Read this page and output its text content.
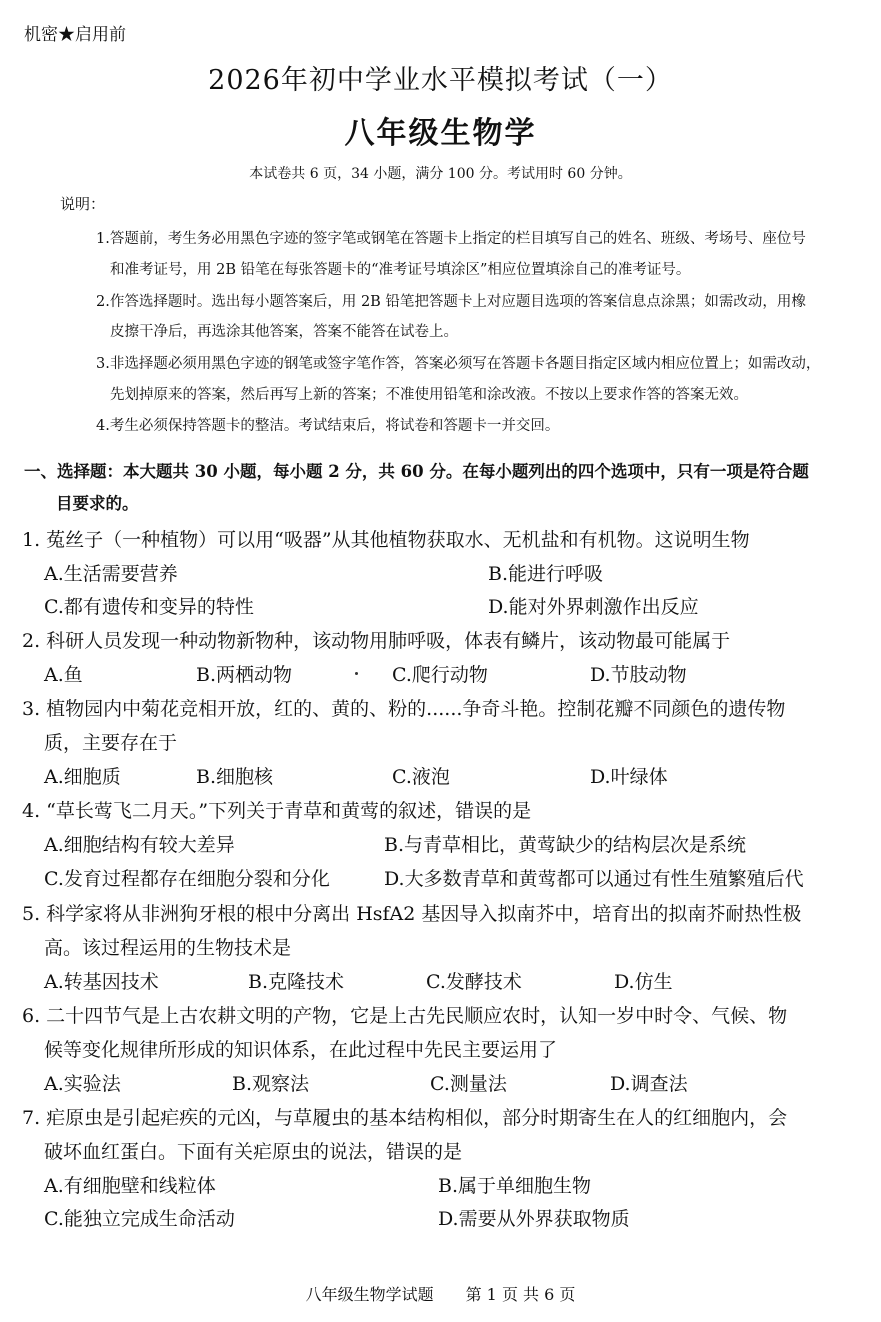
机密★启用前
2026年初中学业水平模拟考试（一）
八年级生物学
本试卷共 6 页，34 小题，满分 100 分。考试用时 60 分钟。
说明：
1.答题前，考生务必用黑色字迹的签字笔或钢笔在答题卡上指定的栏目填写自己的姓名、班级、考场号、座位号
和准考证号，用 2B 铅笔在每张答题卡的“准考证号填涂区”相应位置填涂自己的准考证号。
2.作答选择题时。选出每小题答案后，用 2B 铅笔把答题卡上对应题目选项的答案信息点涂黑；如需改动，用橡
皮擦干净后，再选涂其他答案，答案不能答在试卷上。
3.非选择题必须用黑色字迹的钢笔或签字笔作答，答案必须写在答题卡各题目指定区域内相应位置上；如需改动，
先划掉原来的答案，然后再写上新的答案；不准使用铅笔和涂改液。不按以上要求作答的答案无效。
4.考生必须保持答题卡的整洁。考试结束后，将试卷和答题卡一并交回。
一、选择题：本大题共 30 小题，每小题 2 分，共 60 分。在每小题列出的四个选项中，只有一项是符合题
目要求的。
1. 菟丝子（一种植物）可以用“吸器”从其他植物获取水、无机盐和有机物。这说明生物
A.生活需要营养	B.能进行呼吸
C.都有遗传和变异的特性	D.能对外界刺激作出反应
2. 科研人员发现一种动物新物种，该动物用肺呼吸，体表有鳞片，该动物最可能属于
A.鱼	B.两栖动物	C.爬行动物	D.节肢动物
3. 植物园内中菊花竞相开放，红的、黄的、粉的......争奇斗艳。控制花瓣不同颜色的遗传物
质，主要存在于
A.细胞质	B.细胞核	C.液泡	D.叶绿体
4. “草长莺飞二月天。”下列关于青草和黄莺的叙述，错误的是
A.细胞结构有较大差异	B.与青草相比，黄莺缺少的结构层次是系统
C.发育过程都存在细胞分裂和分化	D.大多数青草和黄莺都可以通过有性生殖繁殖后代
5. 科学家将从非洲狗牙根的根中分离出 HsfA2 基因导入拟南芥中，培育出的拟南芥耐热性极
高。该过程运用的生物技术是
A.转基因技术	B.克隆技术	C.发酵技术	D.仿生
6. 二十四节气是上古农耕文明的产物，它是上古先民顺应农时，认知一岁中时令、气候、物
候等变化规律所形成的知识体系，在此过程中先民主要运用了
A.实验法	B.观察法	C.测量法	D.调查法
7. 疟原虫是引起疟疾的元凶，与草履虫的基本结构相似，部分时期寄生在人的红细胞内，会
破坏血红蛋白。下面有关疟原虫的说法，错误的是
A.有细胞壁和线粒体	B.属于单细胞生物
C.能独立完成生命活动	D.需要从外界获取物质
八年级生物学试题　　第 1 页 共 6 页
